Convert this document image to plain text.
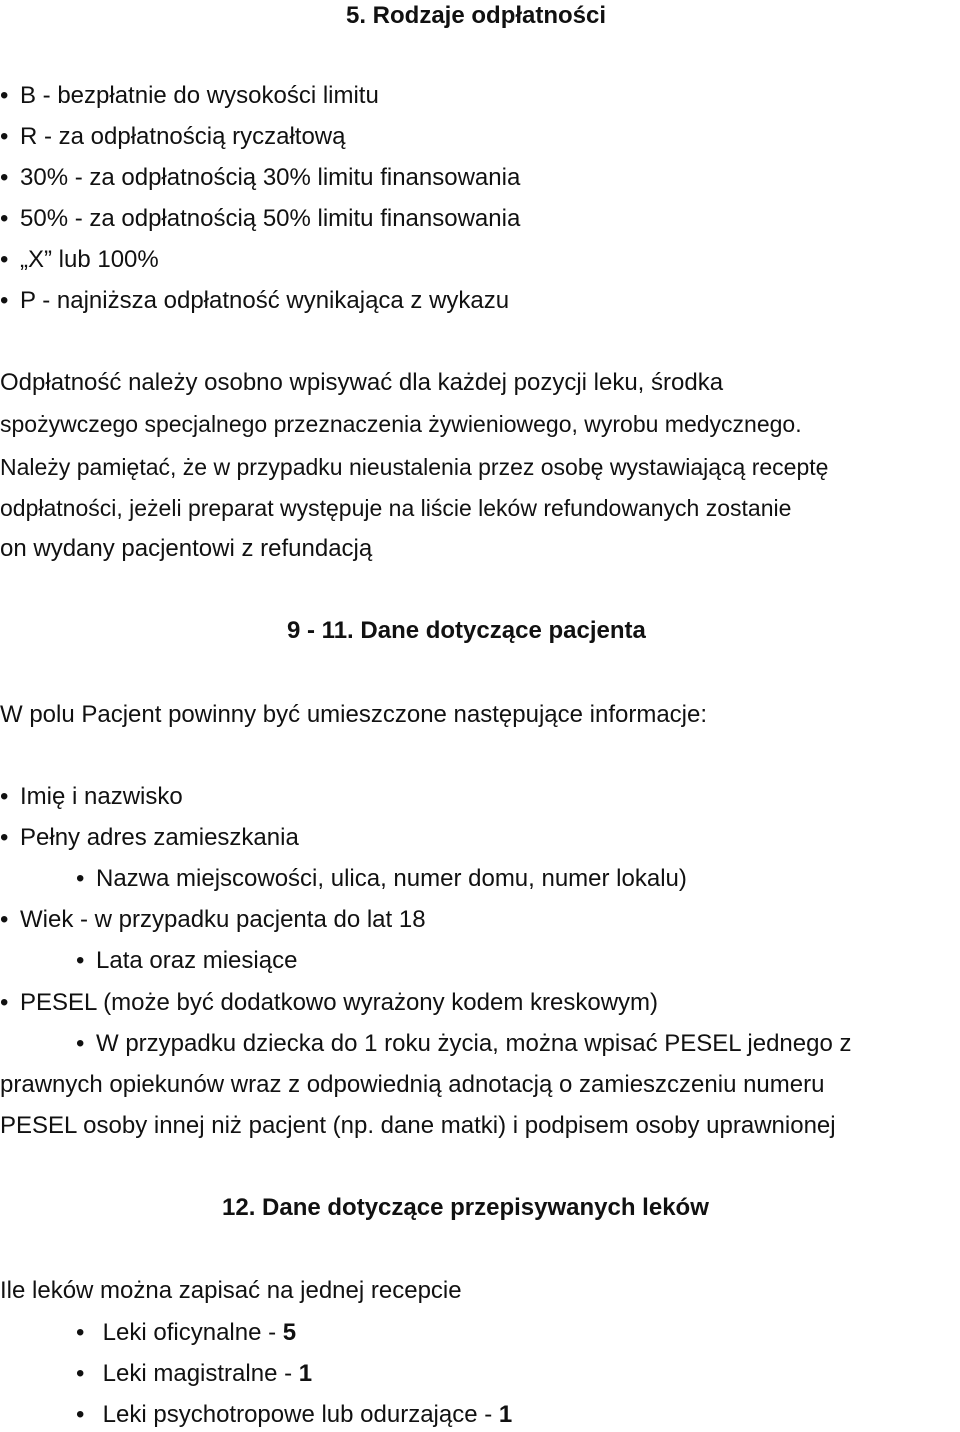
5. Rodzaje odpłatności
• B - bezpłatnie do wysokości limitu
• R - za odpłatnością ryczałtową
• 30% - za odpłatnością 30% limitu finansowania
• 50% - za odpłatnością 50% limitu finansowania
• „X” lub 100%
• P - najniższa odpłatność wynikająca z wykazu
Odpłatność należy osobno wpisywać dla każdej pozycji leku, środka
spożywczego specjalnego przeznaczenia żywieniowego, wyrobu medycznego.
Należy pamiętać, że w przypadku nieustalenia przez osobę wystawiającą receptę
odpłatności, jeżeli preparat występuje na liście leków refundowanych zostanie
on wydany pacjentowi z refundacją
9 - 11. Dane dotyczące pacjenta
W polu Pacjent powinny być umieszczone następujące informacje:
• Imię i nazwisko
• Pełny adres zamieszkania
• Nazwa miejscowości, ulica, numer domu, numer lokalu)
• Wiek - w przypadku pacjenta do lat 18
• Lata oraz miesiące
• PESEL (może być dodatkowo wyrażony kodem kreskowym)
• W przypadku dziecka do 1 roku życia, można wpisać PESEL jednego z
prawnych opiekunów wraz z odpowiednią adnotacją o zamieszczeniu numeru
PESEL osoby innej niż pacjent (np. dane matki) i podpisem osoby uprawnionej
12. Dane dotyczące przepisywanych leków
Ile leków można zapisać na jednej recepcie
• Leki oficynalne - 5
• Leki magistralne - 1
• Leki psychotropowe lub odurzające - 1
